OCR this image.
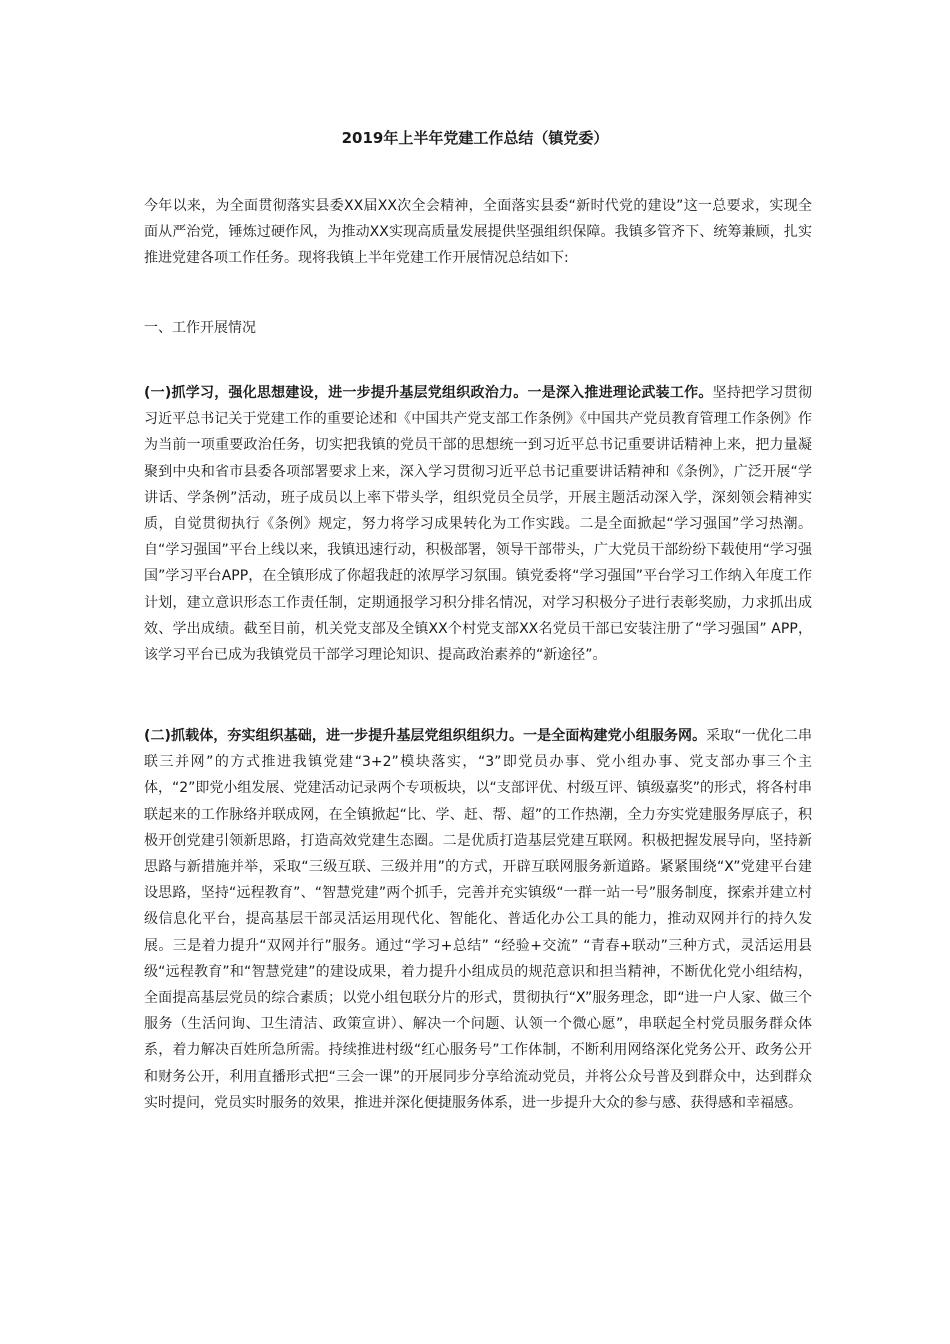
2019年上半年党建工作总结（镇党委）

今年以来，为全面贯彻落实县委XX届XX次全会精神，全面落实县委“新时代党的建设”这一总要求，实现全面从严治党，锤炼过硬作风，为推动XX实现高质量发展提供坚强组织保障。我镇多管齐下、统筹兼顾，扎实推进党建各项工作任务。现将我镇上半年党建工作开展情况总结如下:

一、工作开展情况

(一)抓学习，强化思想建设，进一步提升基层党组织政治力。一是深入推进理论武装工作。坚持把学习贯彻习近平总书记关于党建工作的重要论述和《中国共产党支部工作条例》《中国共产党员教育管理工作条例》作为当前一项重要政治任务，切实把我镇的党员干部的思想统一到习近平总书记重要讲话精神上来，把力量凝聚到中央和省市县委各项部署要求上来，深入学习贯彻习近平总书记重要讲话精神和《条例》，广泛开展“学讲话、学条例”活动，班子成员以上率下带头学，组织党员全员学，开展主题活动深入学，深刻领会精神实质，自觉贯彻执行《条例》规定，努力将学习成果转化为工作实践。二是全面掀起“学习强国”学习热潮。自“学习强国”平台上线以来，我镇迅速行动，积极部署，领导干部带头，广大党员干部纷纷下载使用“学习强国”学习平台APP，在全镇形成了你超我赶的浓厚学习氛围。镇党委将“学习强国”平台学习工作纳入年度工作计划，建立意识形态工作责任制，定期通报学习积分排名情况，对学习积极分子进行表彰奖励，力求抓出成效、学出成绩。截至目前，机关党支部及全镇XX个村党支部XX名党员干部已安装注册了“学习强国” APP，该学习平台已成为我镇党员干部学习理论知识、提高政治素养的“新途径”。

(二)抓载体，夯实组织基础，进一步提升基层党组织组织力。一是全面构建党小组服务网。采取“一优化二串联三并网”的方式推进我镇党建“3+2”模块落实，“3”即党员办事、党小组办事、党支部办事三个主体，“2”即党小组发展、党建活动记录两个专项板块，以“支部评优、村级互评、镇级嘉奖”的形式，将各村串联起来的工作脉络并联成网，在全镇掀起“比、学、赶、帮、超”的工作热潮，全力夯实党建服务厚底子，积极开创党建引领新思路，打造高效党建生态圈。二是优质打造基层党建互联网。积极把握发展导向，坚持新思路与新措施并举，采取“三级互联、三级并用”的方式，开辟互联网服务新道路。紧紧围绕“X”党建平台建设思路，坚持“远程教育”、“智慧党建”两个抓手，完善并充实镇级“一群一站一号”服务制度，探索并建立村级信息化平台，提高基层干部灵活运用现代化、智能化、普适化办公工具的能力，推动双网并行的持久发展。三是着力提升“双网并行”服务。通过“学习+总结” “经验+交流” “青春+联动”三种方式，灵活运用县级“远程教育”和“智慧党建”的建设成果，着力提升小组成员的规范意识和担当精神，不断优化党小组结构，全面提高基层党员的综合素质；以党小组包联分片的形式，贯彻执行“X”服务理念，即“进一户人家、做三个服务（生活问询、卫生清洁、政策宣讲）、解决一个问题、认领一个微心愿”，串联起全村党员服务群众体系，着力解决百姓所急所需。持续推进村级“红心服务号”工作体制，不断利用网络深化党务公开、政务公开和财务公开，利用直播形式把“三会一课”的开展同步分享给流动党员，并将公众号普及到群众中，达到群众实时提问，党员实时服务的效果，推进并深化便捷服务体系，进一步提升大众的参与感、获得感和幸福感。
